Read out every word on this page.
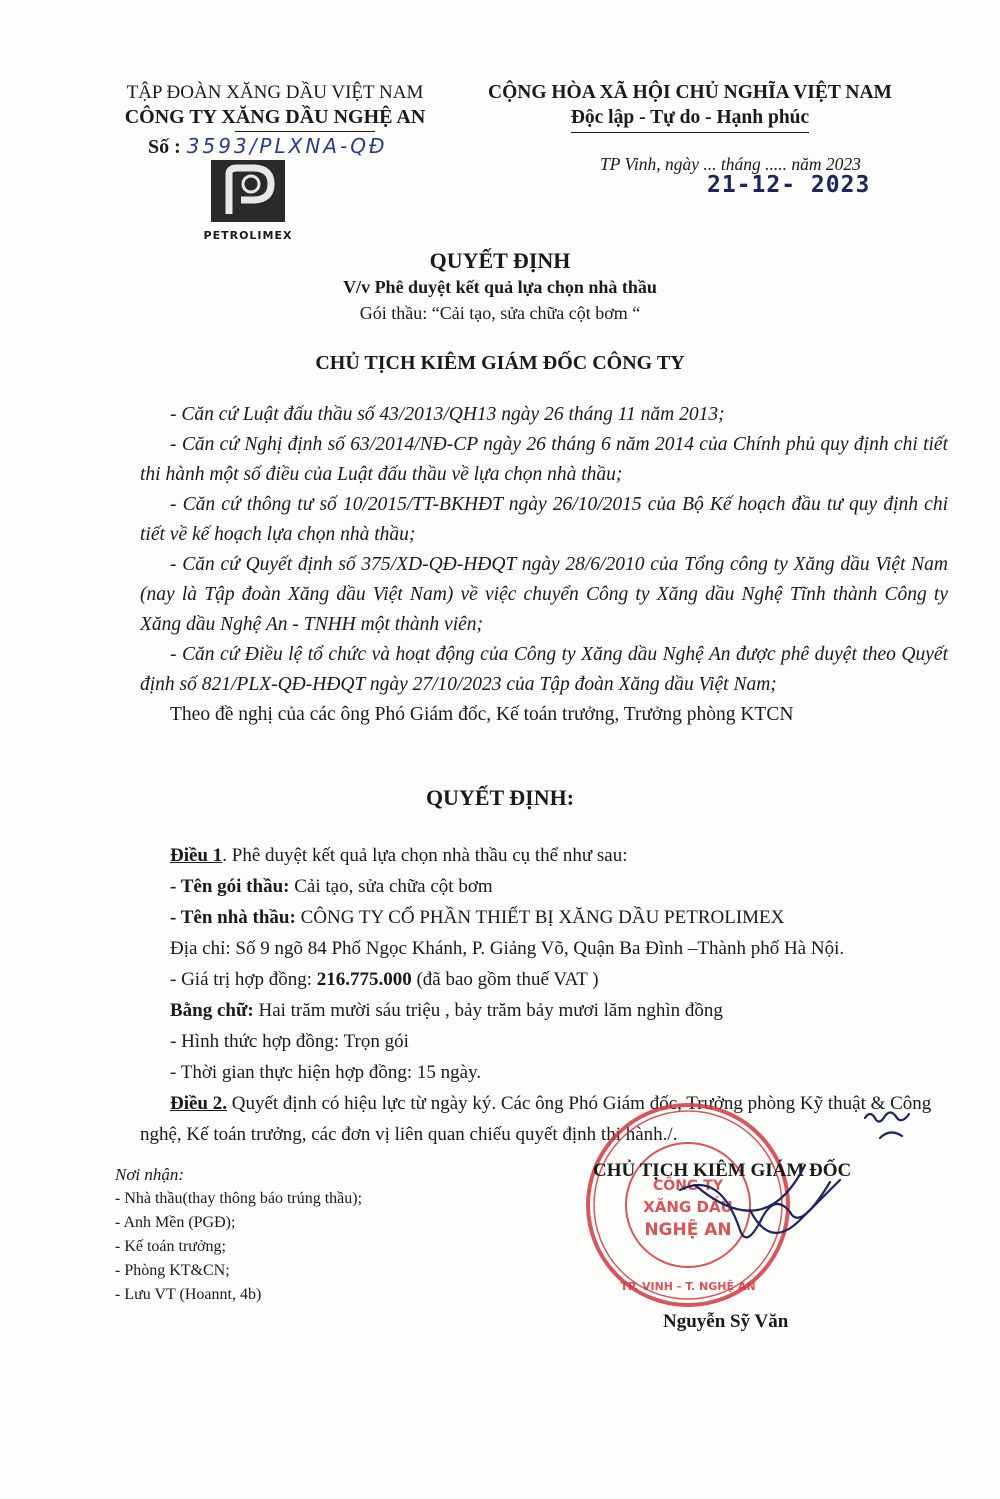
TẬP ĐOÀN XĂNG DẦU VIỆT NAM
CÔNG TY XĂNG DẦU NGHỆ AN
Số : 3593/PLXNA-QĐ
PETROLIMEX
CỘNG HÒA XÃ HỘI CHỦ NGHĨA VIỆT NAM
Độc lập - Tự do - Hạnh phúc
TP Vinh, ngày ... tháng ..... năm 2023
21-12- 2023
QUYẾT ĐỊNH
V/v Phê duyệt kết quả lựa chọn nhà thầu
Gói thầu: “Cải tạo, sửa chữa cột bơm “
CHỦ TỊCH KIÊM GIÁM ĐỐC CÔNG TY

- Căn cứ Luật đấu thầu số 43/2013/QH13 ngày 26 tháng 11 năm 2013;

- Căn cứ Nghị định số 63/2014/NĐ-CP ngày 26 tháng 6 năm 2014 của Chính phủ quy định chi tiết thi hành một số điều của Luật đấu thầu về lựa chọn nhà thầu;

- Căn cứ thông tư số 10/2015/TT-BKHĐT ngày 26/10/2015 của Bộ Kế hoạch đầu tư quy định chi tiết về kế hoạch lựa chọn nhà thầu;

- Căn cứ Quyết định số 375/XD-QĐ-HĐQT ngày 28/6/2010 của Tổng công ty Xăng dầu Việt Nam (nay là Tập đoàn Xăng dầu Việt Nam) về việc chuyển Công ty Xăng dầu Nghệ Tĩnh thành Công ty Xăng dầu Nghệ An - TNHH một thành viên;

- Căn cứ Điều lệ tổ chức và hoạt động của Công ty Xăng dầu Nghệ An được phê duyệt theo Quyết định số 821/PLX-QĐ-HĐQT ngày 27/10/2023 của Tập đoàn Xăng dầu Việt Nam;

Theo đề nghị của các ông Phó Giám đốc, Kế toán trưởng, Trưởng phòng KTCN

QUYẾT ĐỊNH:

Điều 1. Phê duyệt kết quả lựa chọn nhà thầu cụ thể như sau:

- Tên gói thầu: Cải tạo, sửa chữa cột bơm

- Tên nhà thầu: CÔNG TY CỔ PHẦN THIẾT BỊ XĂNG DẦU PETROLIMEX

Địa chỉ: Số 9 ngõ 84 Phố Ngọc Khánh, P. Giảng Võ, Quận Ba Đình –Thành phố Hà Nội.

- Giá trị hợp đồng: 216.775.000 (đã bao gồm thuế VAT )

Bằng chữ: Hai trăm mười sáu triệu , bảy trăm bảy mươi lăm nghìn đồng

- Hình thức hợp đồng: Trọn gói

- Thời gian thực hiện hợp đồng: 15 ngày.

Điều 2. Quyết định có hiệu lực từ ngày ký. Các ông Phó Giám đốc, Trưởng phòng Kỹ thuật & Công nghệ, Kế toán trưởng, các đơn vị liên quan chiếu quyết định thi hành./.

Nơi nhận:
- Nhà thầu(thay thông báo trúng thầu);
- Anh Mền (PGĐ);
- Kế toán trưởng;
- Phòng KT&CN;
- Lưu VT (Hoannt, 4b)
CÔNG TY
XĂNG DẦU
NGHỆ AN
TP. VINH - T. NGHỆ AN
CHỦ TỊCH KIÊM GIÁM ĐỐC
Nguyễn Sỹ Văn
